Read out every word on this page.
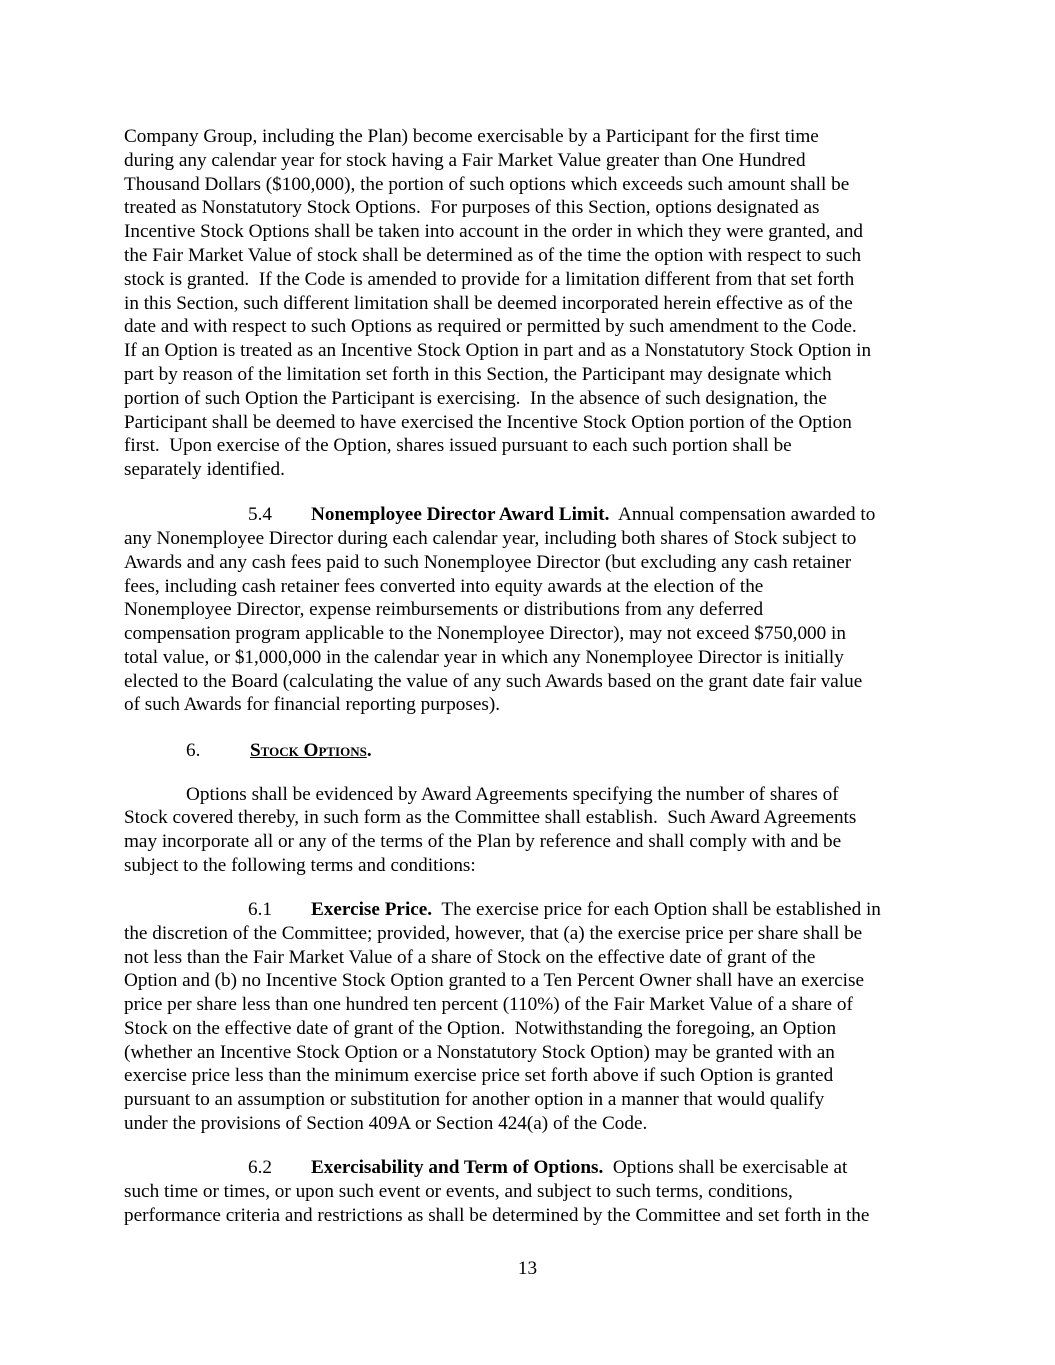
Company Group, including the Plan) become exercisable by a Participant for the first time
during any calendar year for stock having a Fair Market Value greater than One Hundred
Thousand Dollars ($100,000), the portion of such options which exceeds such amount shall be
treated as Nonstatutory Stock Options.  For purposes of this Section, options designated as
Incentive Stock Options shall be taken into account in the order in which they were granted, and
the Fair Market Value of stock shall be determined as of the time the option with respect to such
stock is granted.  If the Code is amended to provide for a limitation different from that set forth
in this Section, such different limitation shall be deemed incorporated herein effective as of the
date and with respect to such Options as required or permitted by such amendment to the Code.
If an Option is treated as an Incentive Stock Option in part and as a Nonstatutory Stock Option in
part by reason of the limitation set forth in this Section, the Participant may designate which
portion of such Option the Participant is exercising.  In the absence of such designation, the
Participant shall be deemed to have exercised the Incentive Stock Option portion of the Option
first.  Upon exercise of the Option, shares issued pursuant to each such portion shall be
separately identified.
5.4 Nonemployee Director Award Limit.  Annual compensation awarded to
any Nonemployee Director during each calendar year, including both shares of Stock subject to
Awards and any cash fees paid to such Nonemployee Director (but excluding any cash retainer
fees, including cash retainer fees converted into equity awards at the election of the
Nonemployee Director, expense reimbursements or distributions from any deferred
compensation program applicable to the Nonemployee Director), may not exceed $750,000 in
total value, or $1,000,000 in the calendar year in which any Nonemployee Director is initially
elected to the Board (calculating the value of any such Awards based on the grant date fair value
of such Awards for financial reporting purposes).
6.	Stock Options.
Options shall be evidenced by Award Agreements specifying the number of shares of
Stock covered thereby, in such form as the Committee shall establish.  Such Award Agreements
may incorporate all or any of the terms of the Plan by reference and shall comply with and be
subject to the following terms and conditions:
6.1 Exercise Price.  The exercise price for each Option shall be established in
the discretion of the Committee; provided, however, that (a) the exercise price per share shall be
not less than the Fair Market Value of a share of Stock on the effective date of grant of the
Option and (b) no Incentive Stock Option granted to a Ten Percent Owner shall have an exercise
price per share less than one hundred ten percent (110%) of the Fair Market Value of a share of
Stock on the effective date of grant of the Option.  Notwithstanding the foregoing, an Option
(whether an Incentive Stock Option or a Nonstatutory Stock Option) may be granted with an
exercise price less than the minimum exercise price set forth above if such Option is granted
pursuant to an assumption or substitution for another option in a manner that would qualify
under the provisions of Section 409A or Section 424(a) of the Code.
6.2 Exercisability and Term of Options.  Options shall be exercisable at
such time or times, or upon such event or events, and subject to such terms, conditions,
performance criteria and restrictions as shall be determined by the Committee and set forth in the
13
